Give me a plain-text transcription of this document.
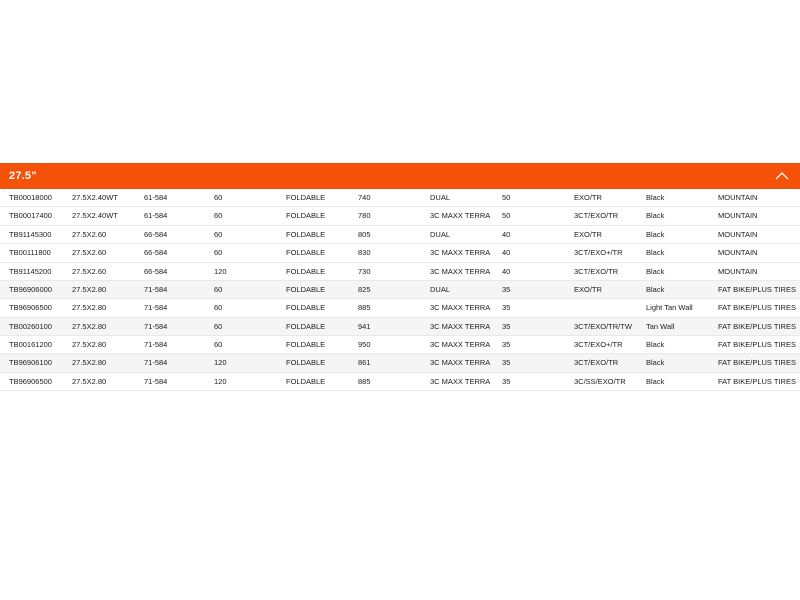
27.5"
TB00018000	27.5X2.40WT	61-584	60	FOLDABLE	740	DUAL	50	EXO/TR	Black	MOUNTAIN
TB00017400	27.5X2.40WT	61-584	60	FOLDABLE	780	3C MAXX TERRA	50	3CT/EXO/TR	Black	MOUNTAIN
TB91145300	27.5X2.60	66-584	60	FOLDABLE	805	DUAL	40	EXO/TR	Black	MOUNTAIN
TB00111800	27.5X2.60	66-584	60	FOLDABLE	830	3C MAXX TERRA	40	3CT/EXO+/TR	Black	MOUNTAIN
TB91145200	27.5X2.60	66-584	120	FOLDABLE	730	3C MAXX TERRA	40	3CT/EXO/TR	Black	MOUNTAIN
TB96906000	27.5X2.80	71-584	60	FOLDABLE	825	DUAL	35	EXO/TR	Black	FAT BIKE/PLUS TIRES
TB96906500	27.5X2.80	71-584	60	FOLDABLE	885	3C MAXX TERRA	35		Light Tan Wall	FAT BIKE/PLUS TIRES
TB00260100	27.5X2.80	71-584	60	FOLDABLE	941	3C MAXX TERRA	35	3CT/EXO/TR/TW	Tan Wall	FAT BIKE/PLUS TIRES
TB00161200	27.5X2.80	71-584	60	FOLDABLE	950	3C MAXX TERRA	35	3CT/EXO+/TR	Black	FAT BIKE/PLUS TIRES
TB96906100	27.5X2.80	71-584	120	FOLDABLE	861	3C MAXX TERRA	35	3CT/EXO/TR	Black	FAT BIKE/PLUS TIRES
TB96906500	27.5X2.80	71-584	120	FOLDABLE	885	3C MAXX TERRA	35	3C/SS/EXO/TR	Black	FAT BIKE/PLUS TIRES
